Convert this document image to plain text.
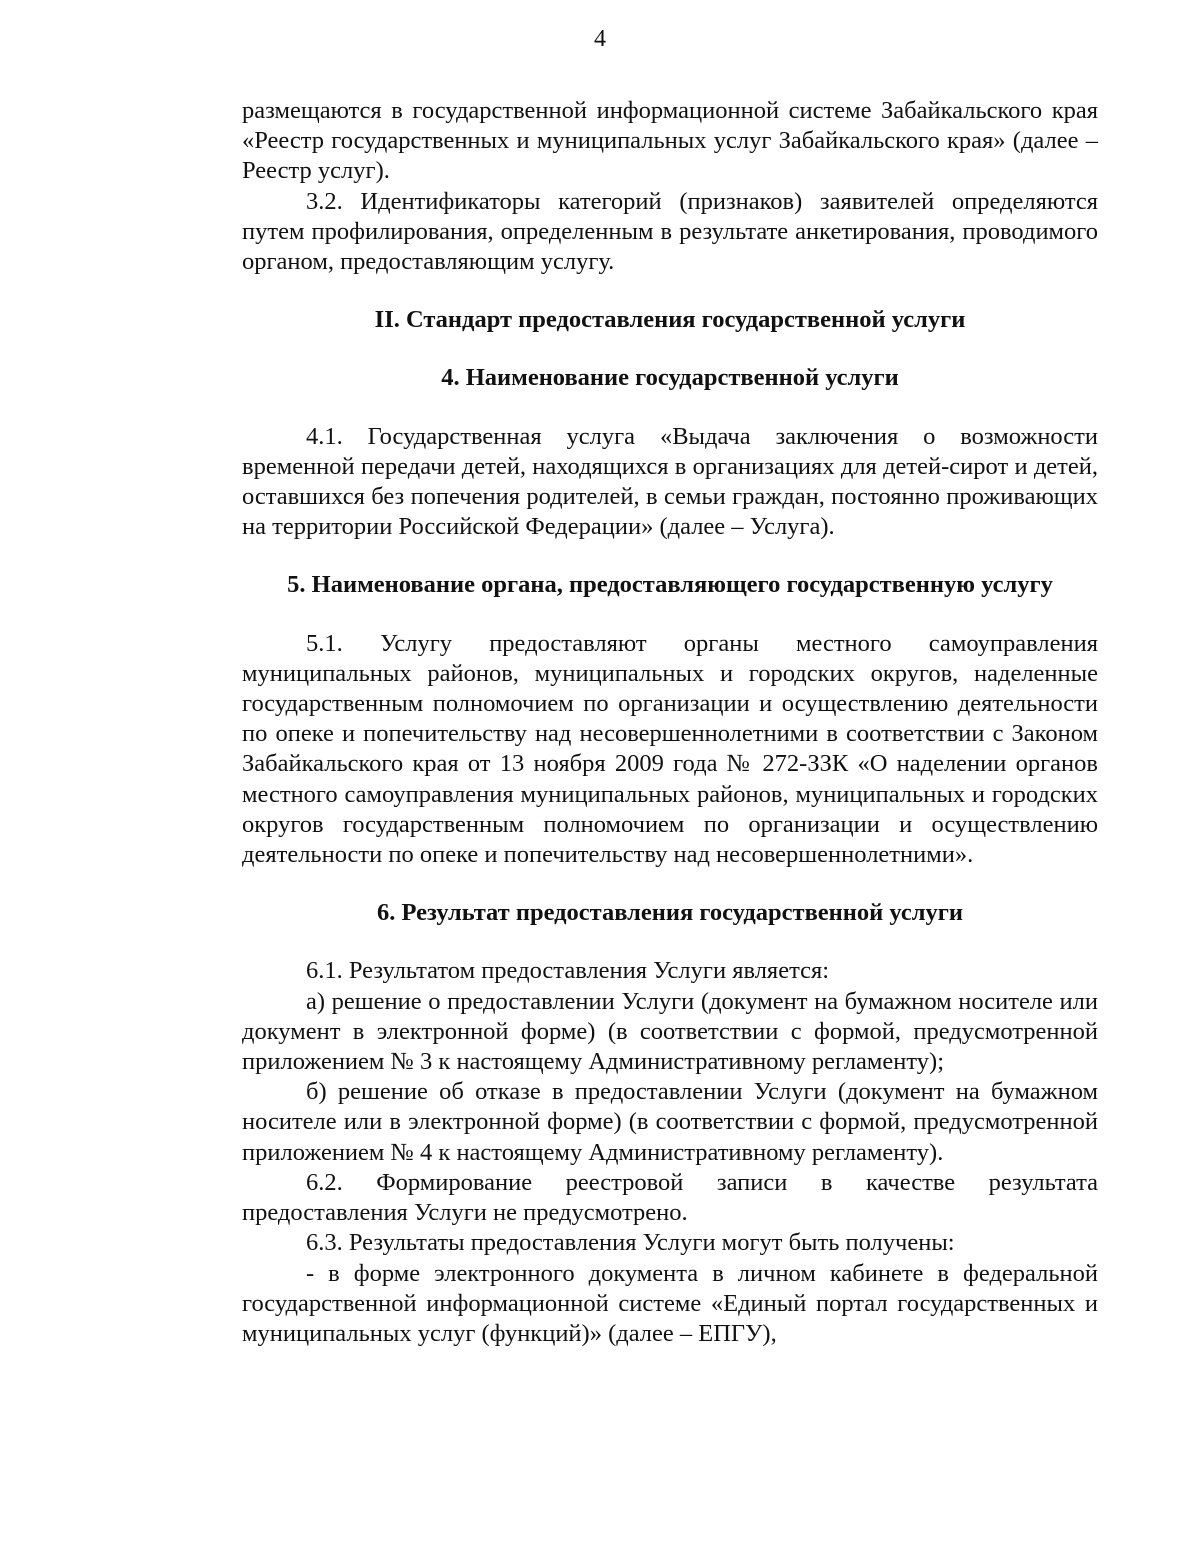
4

размещаются в государственной информационной системе Забайкальского края «Реестр государственных и муниципальных услуг Забайкальского края» (далее – Реестр услуг).

3.2. Идентификаторы категорий (признаков) заявителей определяются путем профилирования, определенным в результате анкетирования, проводимого органом, предоставляющим услугу.

II. Стандарт предоставления государственной услуги
4. Наименование государственной услуги

4.1. Государственная услуга «Выдача заключения о возможности временной передачи детей, находящихся в организациях для детей-сирот и детей, оставшихся без попечения родителей, в семьи граждан, постоянно проживающих на территории Российской Федерации» (далее – Услуга).

5. Наименование органа, предоставляющего государственную услугу

5.1. Услугу предоставляют органы местного самоуправления муниципальных районов, муниципальных и городских округов, наделенные государственным полномочием по организации и осуществлению деятельности по опеке и попечительству над несовершеннолетними в соответствии с Законом Забайкальского края от 13 ноября 2009 года № 272-ЗЗК «О наделении органов местного самоуправления муниципальных районов, муниципальных и городских округов государственным полномочием по организации и осуществлению деятельности по опеке и попечительству над несовершеннолетними».

6. Результат предоставления государственной услуги

6.1. Результатом предоставления Услуги является:

а) решение о предоставлении Услуги (документ на бумажном носителе или документ в электронной форме) (в соответствии с формой, предусмотренной приложением № 3 к настоящему Административному регламенту);

б) решение об отказе в предоставлении Услуги (документ на бумажном носителе или в электронной форме) (в соответствии с формой, предусмотренной приложением № 4 к настоящему Административному регламенту).

6.2. Формирование реестровой записи в качестве результата предоставления Услуги не предусмотрено.

6.3. Результаты предоставления Услуги могут быть получены:

- в форме электронного документа в личном кабинете в федеральной государственной информационной системе «Единый портал государственных и муниципальных услуг (функций)» (далее – ЕПГУ),
